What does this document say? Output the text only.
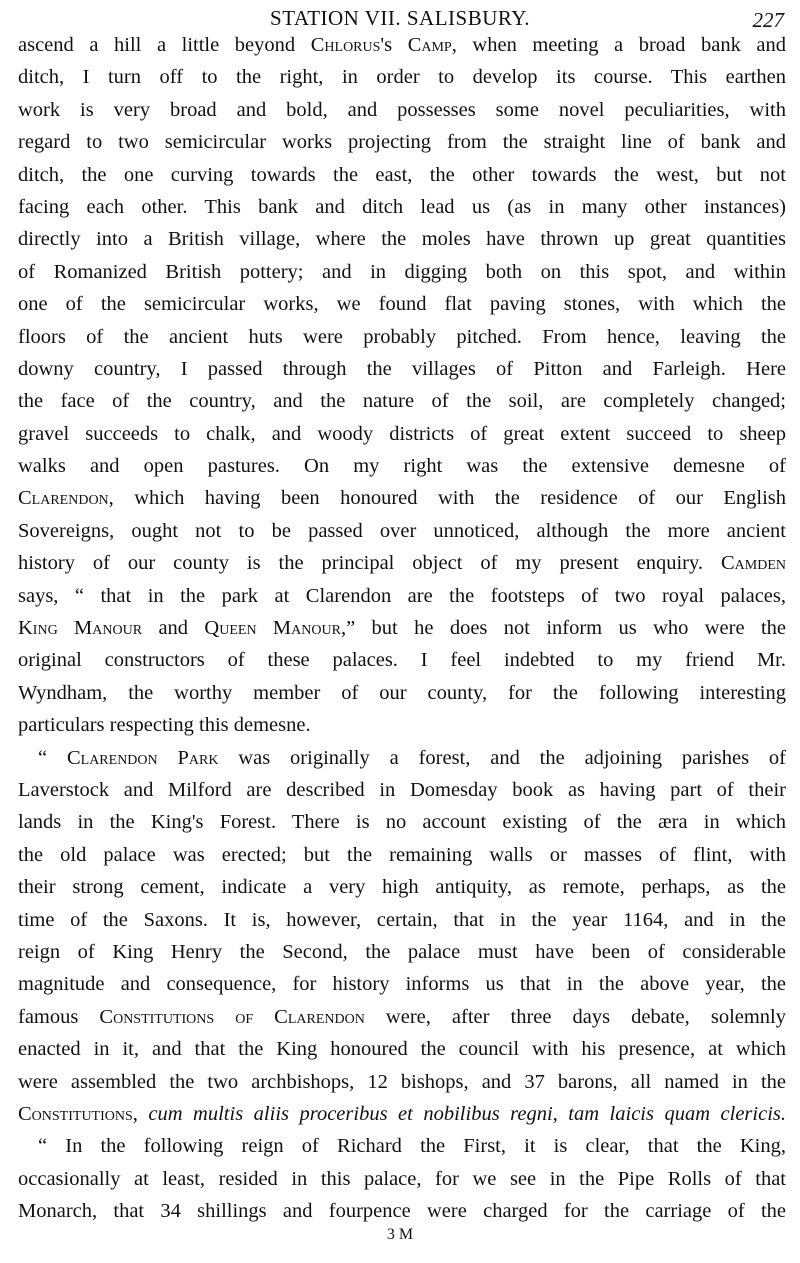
STATION VII. SALISBURY.	227
ascend a hill a little beyond Chlorus's Camp, when meeting a broad bank and
ditch, I turn off to the right, in order to develop its course. This earthen
work is very broad and bold, and possesses some novel peculiarities, with
regard to two semicircular works projecting from the straight line of bank and
ditch, the one curving towards the east, the other towards the west, but not
facing each other. This bank and ditch lead us (as in many other instances)
directly into a British village, where the moles have thrown up great quantities
of Romanized British pottery; and in digging both on this spot, and within
one of the semicircular works, we found flat paving stones, with which the
floors of the ancient huts were probably pitched. From hence, leaving the
downy country, I passed through the villages of Pitton and Farleigh. Here
the face of the country, and the nature of the soil, are completely changed;
gravel succeeds to chalk, and woody districts of great extent succeed to sheep
walks and open pastures. On my right was the extensive demesne of
Clarendon, which having been honoured with the residence of our English
Sovereigns, ought not to be passed over unnoticed, although the more ancient
history of our county is the principal object of my present enquiry. Camden
says, “ that in the park at Clarendon are the footsteps of two royal palaces,
King Manour and Queen Manour,” but he does not inform us who were the
original constructors of these palaces. I feel indebted to my friend Mr.
Wyndham, the worthy member of our county, for the following interesting
particulars respecting this demesne.
“ Clarendon Park was originally a forest, and the adjoining parishes of
Laverstock and Milford are described in Domesday book as having part of their
lands in the King's Forest. There is no account existing of the æra in which
the old palace was erected; but the remaining walls or masses of flint, with
their strong cement, indicate a very high antiquity, as remote, perhaps, as the
time of the Saxons. It is, however, certain, that in the year 1164, and in the
reign of King Henry the Second, the palace must have been of considerable
magnitude and consequence, for history informs us that in the above year, the
famous Constitutions of Clarendon were, after three days debate, solemnly
enacted in it, and that the King honoured the council with his presence, at which
were assembled the two archbishops, 12 bishops, and 37 barons, all named in the
Constitutions, cum multis aliis proceribus et nobilibus regni, tam laicis quam clericis.
“ In the following reign of Richard the First, it is clear, that the King,
occasionally at least, resided in this palace, for we see in the Pipe Rolls of that
Monarch, that 34 shillings and fourpence were charged for the carriage of the
3 M
